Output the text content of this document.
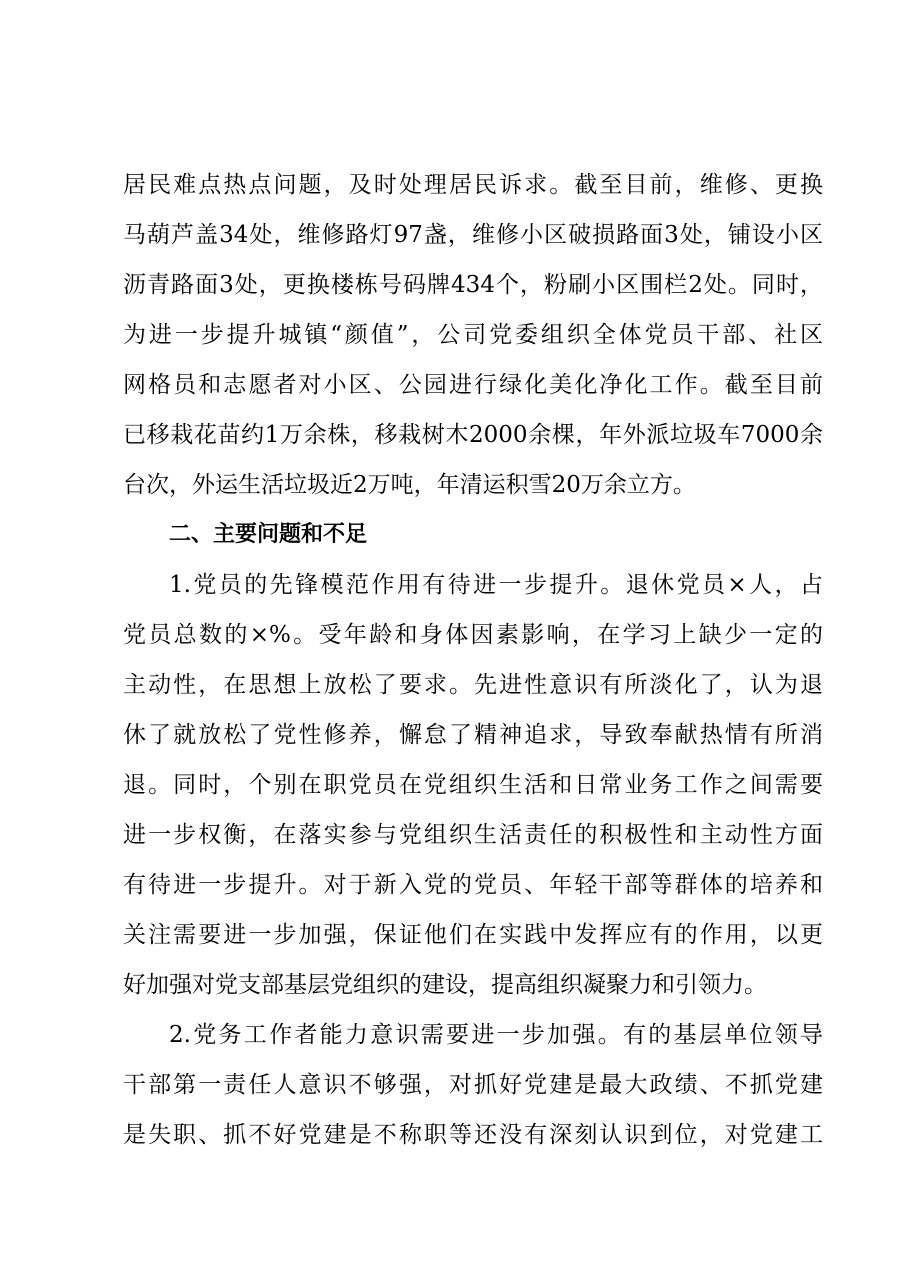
居民难点热点问题，及时处理居民诉求。截至目前，维修、更换
马葫芦盖34处，维修路灯97盏，维修小区破损路面3处，铺设小区
沥青路面3处，更换楼栋号码牌434个，粉刷小区围栏2处。同时，
为进一步提升城镇“颜值”，公司党委组织全体党员干部、社区
网格员和志愿者对小区、公园进行绿化美化净化工作。截至目前
已移栽花苗约1万余株，移栽树木2000余棵，年外派垃圾车7000余
台次，外运生活垃圾近2万吨，年清运积雪20万余立方。
二、主要问题和不足
1.党员的先锋模范作用有待进一步提升。退休党员×人，占
党员总数的×%。受年龄和身体因素影响，在学习上缺少一定的
主动性，在思想上放松了要求。先进性意识有所淡化了，认为退
休了就放松了党性修养，懈怠了精神追求，导致奉献热情有所消
退。同时，个别在职党员在党组织生活和日常业务工作之间需要
进一步权衡，在落实参与党组织生活责任的积极性和主动性方面
有待进一步提升。对于新入党的党员、年轻干部等群体的培养和
关注需要进一步加强，保证他们在实践中发挥应有的作用，以更
好加强对党支部基层党组织的建设，提高组织凝聚力和引领力。
2.党务工作者能力意识需要进一步加强。有的基层单位领导
干部第一责任人意识不够强，对抓好党建是最大政绩、不抓党建
是失职、抓不好党建是不称职等还没有深刻认识到位，对党建工
